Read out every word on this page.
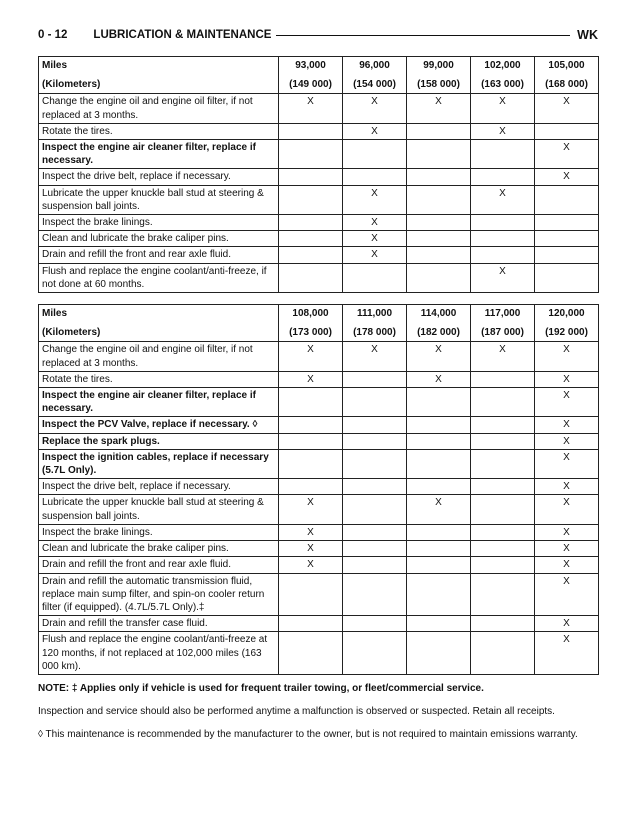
0 - 12 LUBRICATION & MAINTENANCE	WK
Miles	93,000	96,000	99,000	102,000	105,000
(Kilometers)	(149 000)	(154 000)	(158 000)	(163 000)	(168 000)
Change the engine oil and engine oil filter, if not replaced at 3 months.	X	X	X	X	X
Rotate the tires.		X		X	
Inspect the engine air cleaner filter, replace if necessary.					X
Inspect the drive belt, replace if necessary.					X
Lubricate the upper knuckle ball stud at steering & suspension ball joints.		X		X	
Inspect the brake linings.		X			
Clean and lubricate the brake caliper pins.		X			
Drain and refill the front and rear axle fluid.		X			
Flush and replace the engine coolant/anti-freeze, if not done at 60 months.				X	
Miles	108,000	111,000	114,000	117,000	120,000
(Kilometers)	(173 000)	(178 000)	(182 000)	(187 000)	(192 000)
Change the engine oil and engine oil filter, if not replaced at 3 months.	X	X	X	X	X
Rotate the tires.	X		X		X
Inspect the engine air cleaner filter, replace if necessary.					X
Inspect the PCV Valve, replace if necessary. ◊					X
Replace the spark plugs.					X
Inspect the ignition cables, replace if necessary (5.7L Only).					X
Inspect the drive belt, replace if necessary.					X
Lubricate the upper knuckle ball stud at steering & suspension ball joints.	X		X		X
Inspect the brake linings.	X				X
Clean and lubricate the brake caliper pins.	X				X
Drain and refill the front and rear axle fluid.	X				X
Drain and refill the automatic transmission fluid, replace main sump filter, and spin-on cooler return filter (if equipped). (4.7L/5.7L Only).‡					X
Drain and refill the transfer case fluid.					X
Flush and replace the engine coolant/anti-freeze at 120 months, if not replaced at 102,000 miles (163 000 km).					X

NOTE: ‡ Applies only if vehicle is used for frequent trailer towing, or fleet/commercial service.

Inspection and service should also be performed anytime a malfunction is observed or suspected. Retain all receipts.

◊ This maintenance is recommended by the manufacturer to the owner, but is not required to maintain emissions warranty.
